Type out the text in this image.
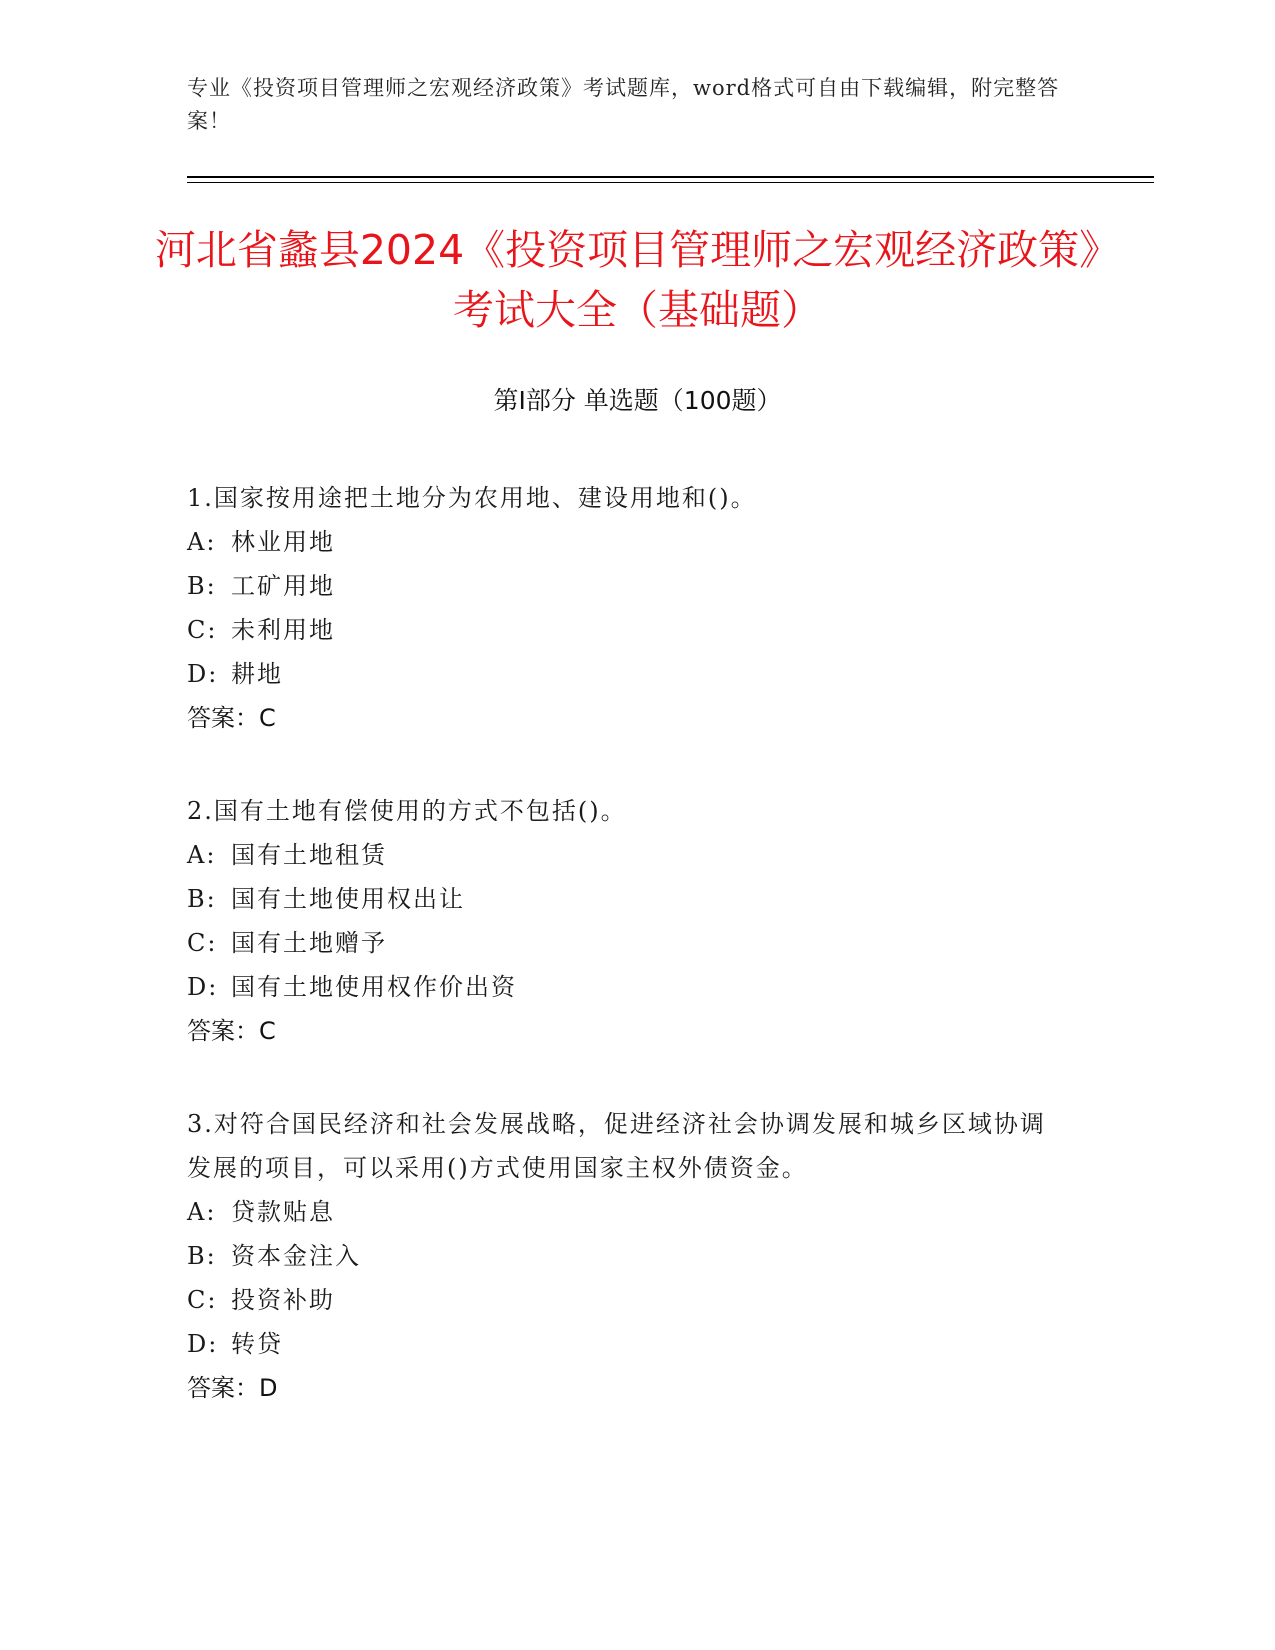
专业《投资项目管理师之宏观经济政策》考试题库，word格式可自由下载编辑，附完整答案！
河北省蠡县2024《投资项目管理师之宏观经济政策》考试大全（基础题）
第Ⅰ部分 单选题（100题）
1.国家按用途把土地分为农用地、建设用地和()。
A: 林业用地
B: 工矿用地
C: 未利用地
D: 耕地
答案：C
2.国有土地有偿使用的方式不包括()。
A: 国有土地租赁
B: 国有土地使用权出让
C: 国有土地赠予
D: 国有土地使用权作价出资
答案：C
3.对符合国民经济和社会发展战略，促进经济社会协调发展和城乡区域协调发展的项目，可以采用()方式使用国家主权外债资金。
A: 贷款贴息
B: 资本金注入
C: 投资补助
D: 转贷
答案：D
